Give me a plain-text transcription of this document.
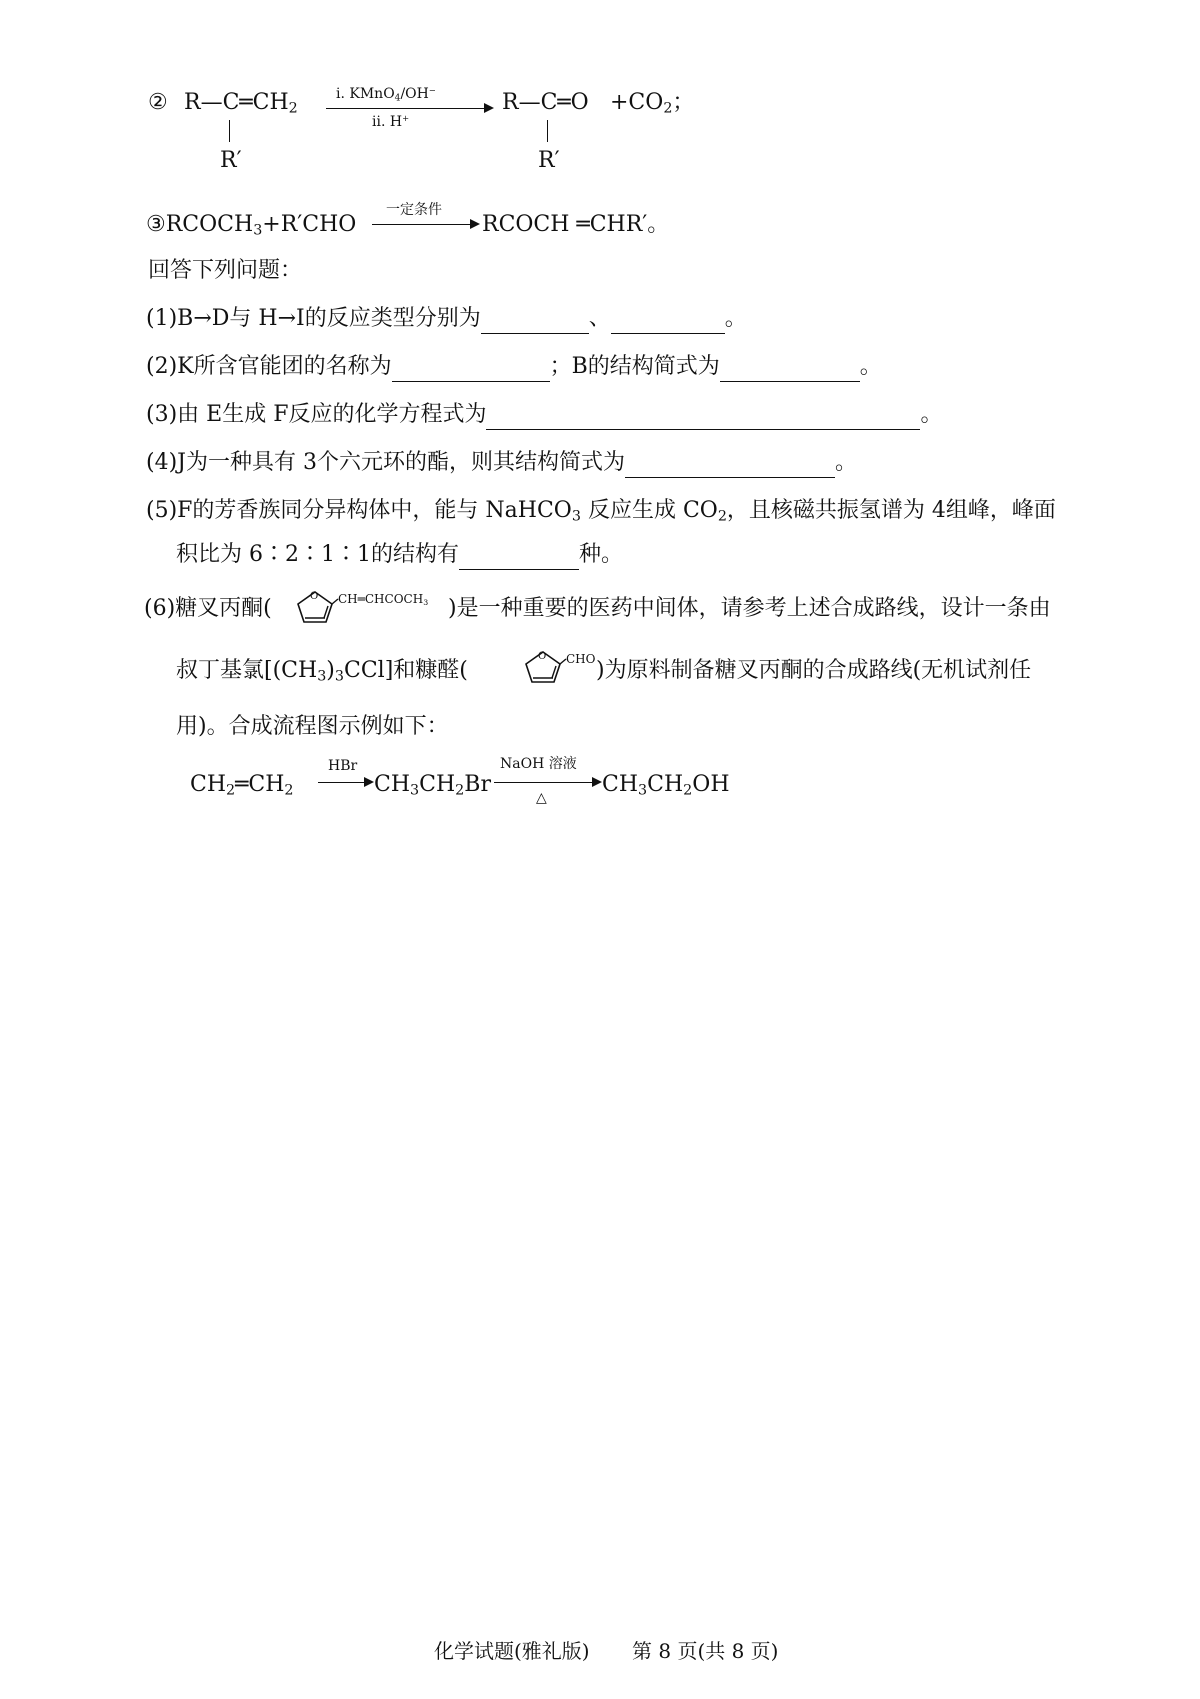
② $R—C═CH_2$
R′
ⅰ. KMnO$_4$/OH−
ⅱ. H+
R—C═O
R′
$+CO_2$；
$③RCOCH_3+R'CHO$
一定条件
RCOCH ═CHR′。
回答下列问题：
(1)B→D与 H→I的反应类型分别为	、	。
(2)K所含官能团的名称为	；B的结构简式为	。
(3)由 E生成 F反应的化学方程式为	。
(4)J为一种具有 3个六元环的酯，则其结构简式为	。
(5)F的芳香族同分异构体中，能与 NaHCO$_3$ 反应生成 $CO_2$，且核磁共振氢谱为 4组峰，峰面
积比为 6∶2∶1∶1的结构有	种。
(6)糖叉丙酮(	O $CH═CHCOCH_3$ )是一种重要的医药中间体，请参考上述合成路线，设计一条由
叔丁基氯$[(CH_3)_3CCl]$和糠醛(
O CHO )为原料制备糖叉丙酮的合成路线(无机试剂任
用)。合成流程图示例如下：
$CH_2═CH_2$
HBr
$CH_3CH_2Br$
NaOH 溶液
△
$CH_3CH_2OH$
化学试题(雅礼版) 第 8 页(共 8 页)
